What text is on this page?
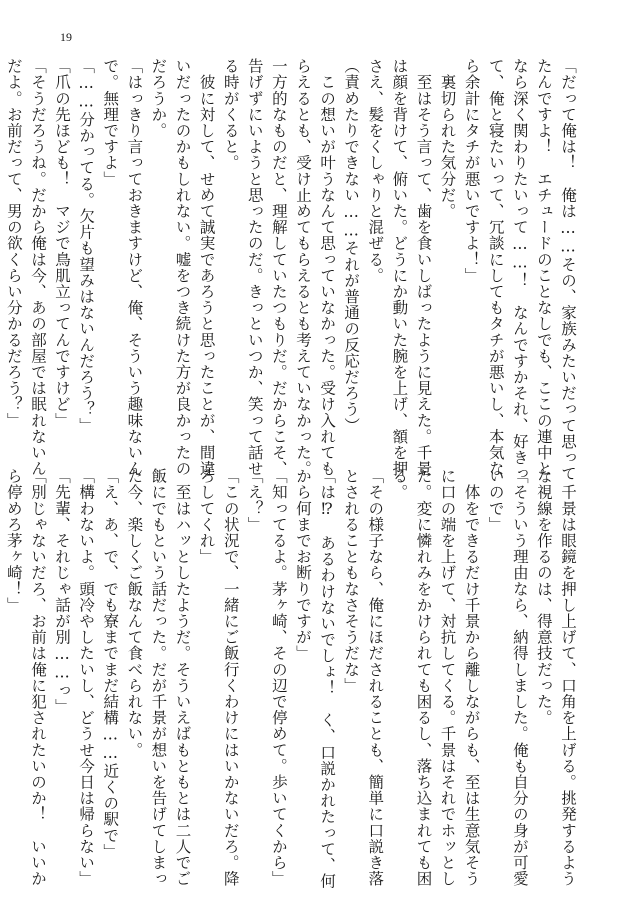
19

「だって俺は！　俺は……その、家族みたいだって思って

たんですよ！　エチュードのことなしでも、ここの連中と

なら深く関わりたいって……！　なんですかそれ、好きっ

て、俺と寝たいって、冗談にしてもタチが悪いし、本気な

ら余計にタチが悪いですよ！」

　裏切られた気分だ。

　至はそう言って、歯を食いしばったように見えた。千景

は顔を背けて、俯いた。どうにか動いた腕を上げ、額を押

さえ、髪をくしゃりと混ぜる。

（責めたりできない……それが普通の反応だろう）

　この想いが叶うなんて思っていなかった。受け入れても

らえるとも、受け止めてもらえるとも考えていなかった。

一方的なものだと、理解していたつもりだ。だからこそ、

告げずにいようと思ったのだ。きっといつか、笑って話せ

る時がくると。

　彼に対して、せめて誠実であろうと思ったことが、間違

いだったのかもしれない。嘘をつき続けた方が良かったの

だろうか。

「はっきり言っておきますけど、俺、そういう趣味ないん

で。無理ですよ」

「……分かってる。欠片も望みはないんだろう？」

「爪の先ほども！　マジで鳥肌立ってんですけど」

「そうだろうね。だから俺は今、あの部屋では眠れないん

だよ。お前だって、男の欲くらい分かるだろう？」

　千景は眼鏡を押し上げて、口角を上げる。挑発するよう

な視線を作るのは、得意技だった。

「そういう理由なら、納得しました。俺も自分の身が可愛

いので」

　体をできるだけ千景から離しながらも、至は生意気そう

に口の端を上げて、対抗してくる。千景はそれでホッとし

た。変に憐れみをかけられても困るし、落ち込まれても困

る。

「その様子なら、俺にほだされることも、簡単に口説き落

とされることもなさそうだな」

「は⁉　あるわけないでしょ！　く、口説かれたって、何

から何までお断りですが」

「知ってるよ。茅ヶ崎、その辺で停めて。歩いてくから」

「え？」

「この状況で、一緒にご飯行くわけにはいかないだろ。降

ろしてくれ」

　至はハッとしたようだ。そういえばもともとは二人でご

飯にでもという話だった。だが千景が想いを告げてしまっ

た今、楽しくご飯なんて食べられない。

「え、あ、で、でも寮までまだ結構……近くの駅で」

「構わないよ。頭冷やしたいし、どうせ今日は帰らない」

「先輩、それじゃ話が別……っ」

「別じゃないだろ、お前は俺に犯されたいのか！　いいか

ら停めろ茅ヶ崎！」
